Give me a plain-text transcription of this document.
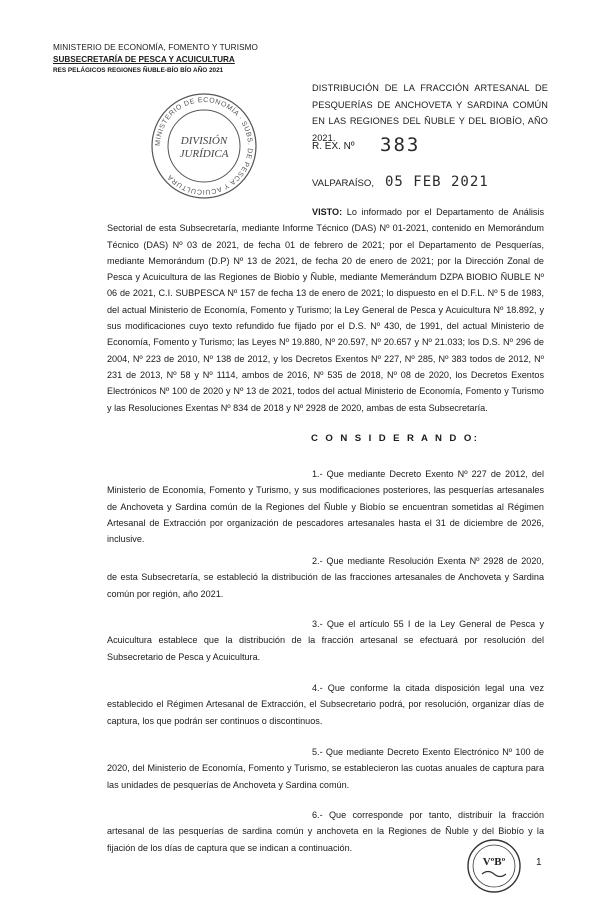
MINISTERIO DE ECONOMÍA, FOMENTO Y TURISMO
SUBSECRETARÍA DE PESCA Y ACUICULTURA
RES PELÁGICOS REGIONES ÑUBLE-BÍO BÍO AÑO 2021
MINISTERIO DE ECONOMÍA · SUBS. DE PESCA Y ACUICULTURA
DIVISIÓN
JURÍDICA
DISTRIBUCIÓN DE LA FRACCIÓN ARTESANAL DE PESQUERÍAS DE ANCHOVETA Y SARDINA COMÚN EN LAS REGIONES DEL ÑUBLE Y DEL BIOBÍO, AÑO 2021.
R. EX. Nº 383
VALPARAÍSO, 05 FEB 2021
VISTO: Lo informado por el Departamento de Análisis Sectorial de esta Subsecretaría, mediante Informe Técnico (DAS) Nº 01-2021, contenido en Memorándum Técnico (DAS) Nº 03 de 2021, de fecha 01 de febrero de 2021; por el Departamento de Pesquerías, mediante Memorándum (D.P) Nº 13 de 2021, de fecha 20 de enero de 2021; por la Dirección Zonal de Pesca y Acuicultura de las Regiones de Biobío y Ñuble, mediante Memerándum DZPA BIOBIO ÑUBLE Nº 06 de 2021, C.I. SUBPESCA Nº 157 de fecha 13 de enero de 2021; lo dispuesto en el D.F.L. Nº 5 de 1983, del actual Ministerio de Economía, Fomento y Turismo; la Ley General de Pesca y Acuicultura Nº 18.892, y sus modificaciones cuyo texto refundido fue fijado por el D.S. Nº 430, de 1991, del actual Ministerio de Economía, Fomento y Turismo; las Leyes Nº 19.880, Nº 20.597, Nº 20.657 y Nº 21.033; los D.S. Nº 296 de 2004, Nº 223 de 2010, Nº 138 de 2012, y los Decretos Exentos Nº 227, Nº 285, Nº 383 todos de 2012, Nº 231 de 2013, Nº 58 y Nº 1114, ambos de 2016, Nº 535 de 2018, Nº 08 de 2020, los Decretos Exentos Electrónicos Nº 100 de 2020 y Nº 13 de 2021, todos del actual Ministerio de Economía, Fomento y Turismo y las Resoluciones Exentas Nº 834 de 2018 y Nº 2928 de 2020, ambas de esta Subsecretaría.
C O N S I D E R A N D O:
1.- Que mediante Decreto Exento Nº 227 de 2012, del Ministerio de Economía, Fomento y Turismo, y sus modificaciones posteriores, las pesquerías artesanales de Anchoveta y Sardina común de la Regiones del Ñuble y Biobío se encuentran sometidas al Régimen Artesanal de Extracción por organización de pescadores artesanales hasta el 31 de diciembre de 2026, inclusive.
2.- Que mediante Resolución Exenta Nº 2928 de 2020, de esta Subsecretaría, se estableció la distribución de las fracciones artesanales de Anchoveta y Sardina común por región, año 2021.
3.- Que el artículo 55 I de la Ley General de Pesca y Acuicultura establece que la distribución de la fracción artesanal se efectuará por resolución del Subsecretario de Pesca y Acuicultura.
4.- Que conforme la citada disposición legal una vez establecido el Régimen Artesanal de Extracción, el Subsecretario podrá, por resolución, organizar días de captura, los que podrán ser continuos o discontinuos.
5.- Que mediante Decreto Exento Electrónico Nº 100 de 2020, del Ministerio de Economía, Fomento y Turismo, se establecieron las cuotas anuales de captura para las unidades de pesquerías de Anchoveta y Sardina común.
6.- Que corresponde por tanto, distribuir la fracción artesanal de las pesquerías de sardina común y anchoveta en la Regiones de Ñuble y del Biobío y la fijación de los días de captura que se indican a continuación.
VºBº	1
